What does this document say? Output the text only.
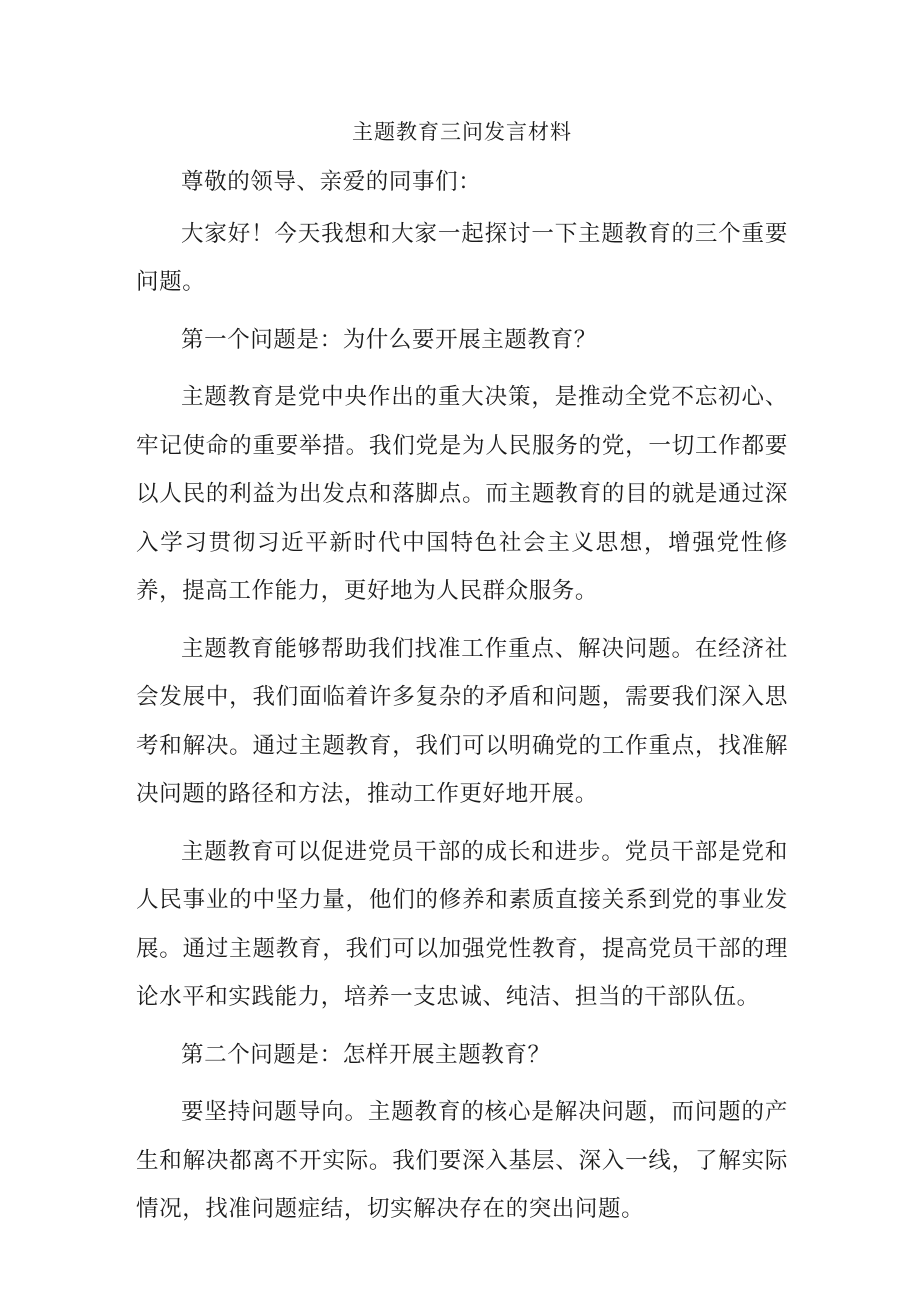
主题教育三问发言材料

尊敬的领导、亲爱的同事们：

大家好！今天我想和大家一起探讨一下主题教育的三个重要问题。

第一个问题是：为什么要开展主题教育？

主题教育是党中央作出的重大决策，是推动全党不忘初心、牢记使命的重要举措。我们党是为人民服务的党，一切工作都要以人民的利益为出发点和落脚点。而主题教育的目的就是通过深入学习贯彻习近平新时代中国特色社会主义思想，增强党性修养，提高工作能力，更好地为人民群众服务。

主题教育能够帮助我们找准工作重点、解决问题。在经济社会发展中，我们面临着许多复杂的矛盾和问题，需要我们深入思考和解决。通过主题教育，我们可以明确党的工作重点，找准解决问题的路径和方法，推动工作更好地开展。

主题教育可以促进党员干部的成长和进步。党员干部是党和人民事业的中坚力量，他们的修养和素质直接关系到党的事业发展。通过主题教育，我们可以加强党性教育，提高党员干部的理论水平和实践能力，培养一支忠诚、纯洁、担当的干部队伍。

第二个问题是：怎样开展主题教育？

要坚持问题导向。主题教育的核心是解决问题，而问题的产生和解决都离不开实际。我们要深入基层、深入一线，了解实际情况，找准问题症结，切实解决存在的突出问题。
